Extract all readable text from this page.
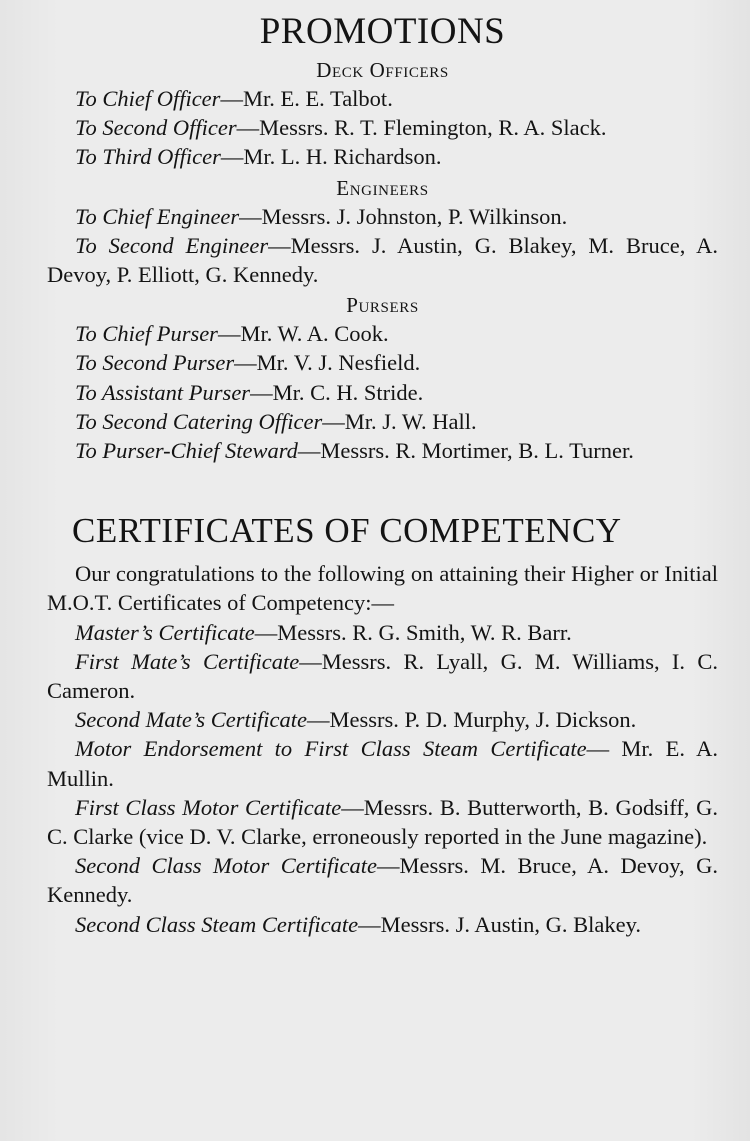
PROMOTIONS
Deck Officers

To Chief Officer—Mr. E. E. Talbot.

To Second Officer—Messrs. R. T. Flemington, R. A. Slack.

To Third Officer—Mr. L. H. Richardson.

Engineers

To Chief Engineer—Messrs. J. Johnston, P. Wilkinson.

To Second Engineer—Messrs. J. Austin, G. Blakey, M. Bruce, A. Devoy, P. Elliott, G. Kennedy.

Pursers

To Chief Purser—Mr. W. A. Cook.

To Second Purser—Mr. V. J. Nesfield.

To Assistant Purser—Mr. C. H. Stride.

To Second Catering Officer—Mr. J. W. Hall.

To Purser-Chief Steward—Messrs. R. Mortimer, B. L. Turner.

CERTIFICATES OF COMPETENCY

Our congratulations to the following on attaining their Higher or Initial M.O.T. Certificates of Competency:—

Master’s Certificate—Messrs. R. G. Smith, W. R. Barr.

First Mate’s Certificate—Messrs. R. Lyall, G. M. Williams, I. C. Cameron.

Second Mate’s Certificate—Messrs. P. D. Murphy, J. Dickson.

Motor Endorsement to First Class Steam Certificate— Mr. E. A. Mullin.

First Class Motor Certificate—Messrs. B. Butterworth, B. Godsiff, G. C. Clarke (vice D. V. Clarke, erroneously reported in the June magazine).

Second Class Motor Certificate—Messrs. M. Bruce, A. Devoy, G. Kennedy.

Second Class Steam Certificate—Messrs. J. Austin, G. Blakey.
